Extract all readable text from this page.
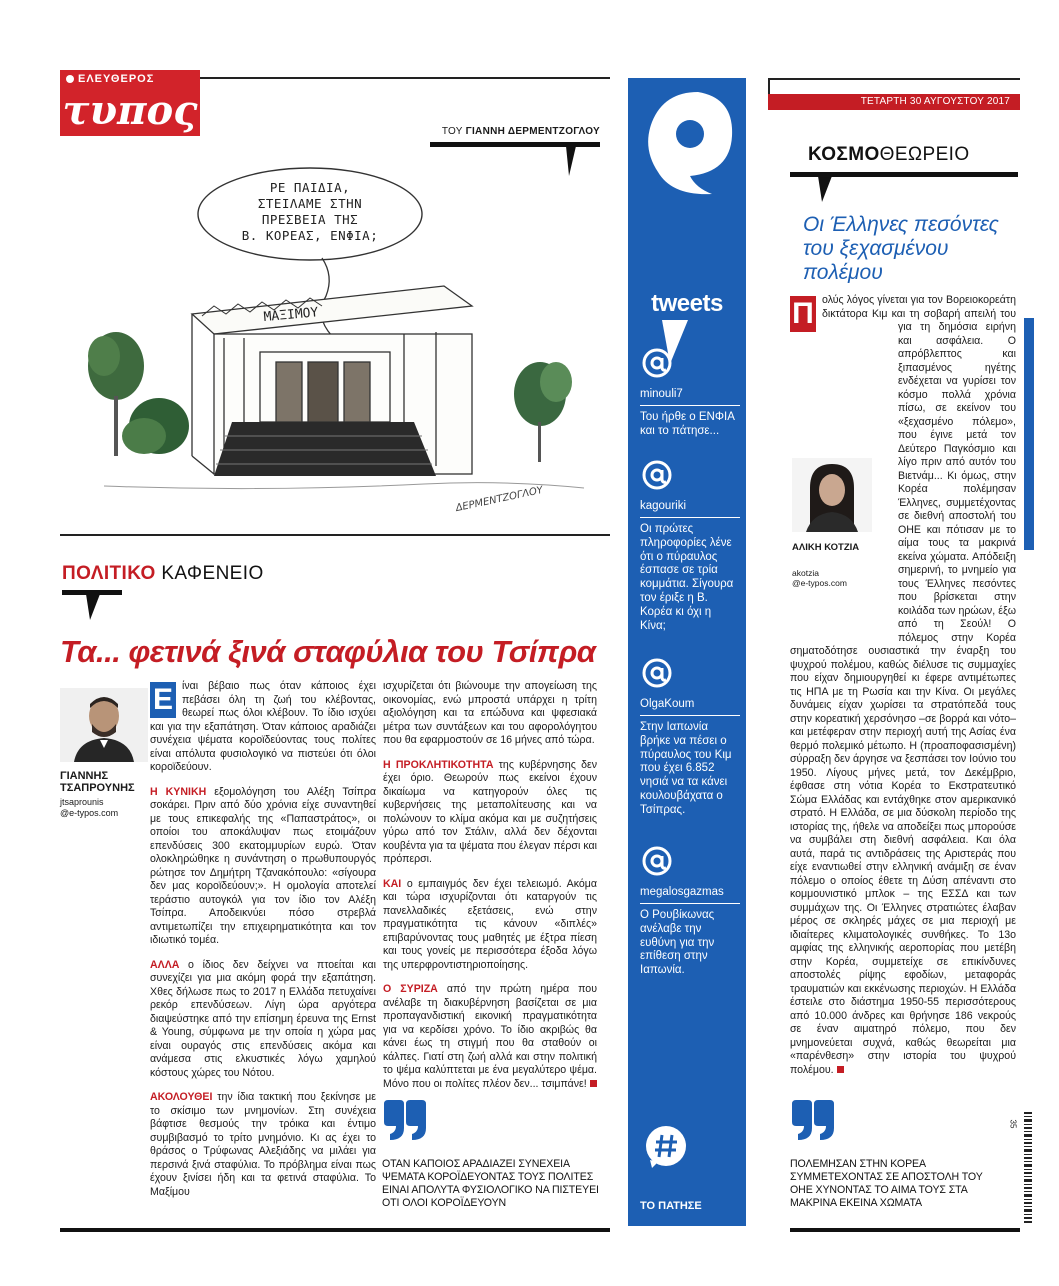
ΕΛΕΥΘΕΡΟΣ
τυπος	ΤΟΥ ΓΙΑΝΝΗ ΔΕΡΜΕΝΤΖΟΓΛΟΥ
ΜΑΞΙΜΟΥ
ΡΕ ΠΑΙΔΙΑ,
ΣΤΕΙΛΑΜΕ ΣΤΗΝ
ΠΡΕΣΒΕΙΑ ΤΗΣ
Β. ΚΟΡΕΑΣ, ΕΝΦΙΑ;
ΔΕΡΜΕΝΤΖΟΓΛΟΥ
ΠΟΛΙΤΙΚΟ ΚΑΦΕΝΕΙΟ
Τα... φετινά ξινά σταφύλια του Τσίπρα
ΓΙΑΝΝΗΣ ΤΣΑΠΡΟΥΝΗΣ
jtsaprounis
@e-typos.com

Ε ίναι βέβαιο πως όταν κάποιος έχει πεβάσει όλη τη ζωή του κλέβοντας, θεωρεί πως όλοι κλέβουν. Το ίδιο ισχύει και για την εξαπάτηση. Όταν κάποιος αραδιάζει συνέχεια ψέματα κοροϊδεύοντας τους πολίτες είναι απόλυτα φυσιολογικό να πιστεύει ότι όλοι κοροϊδεύουν.

Η ΚΥΝΙΚΗ εξομολόγηση του Αλέξη Τσίπρα σοκάρει. Πριν από δύο χρόνια είχε συναντηθεί με τους επικεφαλής της «Παπαστράτος», οι οποίοι του αποκάλυψαν πως ετοιμάζουν επενδύσεις 300 εκατομμυρίων ευρώ. Όταν ολοκληρώθηκε η συνάντηση ο πρωθυπουργός ρώτησε τον Δημήτρη Τζανακόπουλο: «σίγουρα δεν μας κοροϊδεύουν;». Η ομολογία αποτελεί τεράστιο αυτογκόλ για τον ίδιο τον Αλέξη Τσίπρα. Αποδεικνύει πόσο στρεβλά αντιμετωπίζει την επιχειρηματικότητα και τον ιδιωτικό τομέα.

ΑΛΛΑ ο ίδιος δεν δείχνει να πτοείται και συνεχίζει για μια ακόμη φορά την εξαπάτηση. Χθες δήλωσε πως το 2017 η Ελλάδα πετυχαίνει ρεκόρ επενδύσεων. Λίγη ώρα αργότερα διαψεύστηκε από την επίσημη έρευνα της Ernst & Young, σύμφωνα με την οποία η χώρα μας είναι ουραγός στις επενδύσεις ακόμα και ανάμεσα στις ελκυστικές λόγω χαμηλού κόστους χώρες του Νότου.

ΑΚΟΛΟΥΘΕΙ την ίδια τακτική που ξεκίνησε με το σκίσιμο των μνημονίων. Στη συνέχεια βάφτισε θεσμούς την τρόικα και έντιμο συμβιβασμό το τρίτο μνημόνιο. Κι ας έχει το θράσος ο Τρύφωνας Αλεξιάδης να μιλάει για περσινά ξινά σταφύλια. Το πρόβλημα είναι πως έχουν ξινίσει ήδη και τα φετινά σταφύλια. Το Μαξίμου

ισχυρίζεται ότι βιώνουμε την απογείωση της οικονομίας, ενώ μπροστά υπάρχει η τρίτη αξιολόγηση και τα επώδυνα και ψφεσιακά μέτρα των συντάξεων και του αφορολόγητου που θα εφαρμοστούν σε 16 μήνες από τώρα.

Η ΠΡΟΚΛΗΤΙΚΟΤΗΤΑ της κυβέρνησης δεν έχει όριο. Θεωρούν πως εκείνοι έχουν δικαίωμα να κατηγορούν όλες τις κυβερνήσεις της μεταπολίτευσης και να πολώνουν το κλίμα ακόμα και με συζητήσεις γύρω από τον Στάλιν, αλλά δεν δέχονται κουβέντα για τα ψέματα που έλεγαν πέρσι και πρόπερσι.

ΚΑΙ ο εμπαιγμός δεν έχει τελειωμό. Ακόμα και τώρα ισχυρίζονται ότι καταργούν τις πανελλαδικές εξετάσεις, ενώ στην πραγματικότητα τις κάνουν «διπλές» επιβαρύνοντας τους μαθητές με έξτρα πίεση και τους γονείς με περισσότερα έξοδα λόγω της υπερφροντιστηριοποίησης.

Ο ΣΥΡΙΖΑ από την πρώτη ημέρα που ανέλαβε τη διακυβέρνηση βασίζεται σε μια προπαγανδιστική εικονική πραγματικότητα για να κερδίσει χρόνο. Το ίδιο ακριβώς θα κάνει έως τη στιγμή που θα σταθούν οι κάλπες. Γιατί στη ζωή αλλά και στην πολιτική το ψέμα καλύπτεται με ένα μεγαλύτερο ψέμα. Μόνο που οι πολίτες πλέον δεν... τσιμπάνε!

ΟΤΑΝ ΚΑΠΟΙΟΣ ΑΡΑΔΙΑΖΕΙ ΣΥΝΕΧΕΙΑ ΨΕΜΑΤΑ ΚΟΡΟΪΔΕΥΟΝΤΑΣ ΤΟΥΣ ΠΟΛΙΤΕΣ ΕΙΝΑΙ ΑΠΟΛΥΤΑ ΦΥΣΙΟΛΟΓΙΚΟ ΝΑ ΠΙΣΤΕΥΕΙ ΟΤΙ ΟΛΟΙ ΚΟΡΟΪΔΕΥΟΥΝ
tweets
minouli7
Του ήρθε ο ΕΝΦΙΑ και το πάτησε...
kagouriki
Οι πρώτες πληροφορίες λένε ότι ο πύραυλος έσπασε σε τρία κομμάτια. Σίγουρα τον έριξε η Β. Κορέα κι όχι η Κίνα;
OlgaKoum
Στην Ιαπωνία βρήκε να πέσει ο πύραυλος του Κιμ που έχει 6.852 νησιά να τα κάνει κουλουβάχατα ο Τσίπρας.
megalosgazmas
Ο Ρουβίκωνας ανέλαβε την ευθύνη για την επίθεση στην Ιαπωνία.
ΤΟ ΠΑΤΗΣΕ
ΤΕΤΑΡΤΗ 30 ΑΥΓΟΥΣΤΟΥ 2017
ΚΟΣΜΟΘΕΩΡΕΙΟ
Οι Έλληνες πεσόντες του ξεχασμένου πολέμου

Π ολύς λόγος γίνεται για τον Βορειοκορεάτη δικτάτορα Κιμ και τη σοβαρή απειλή του για τη δημόσια ειρήνη και ασφάλεια. Ο απρόβλεπτος και ξιπασμένος ηγέτης ενδέχεται να γυρίσει τον κόσμο πολλά χρόνια πίσω, σε εκείνον του «ξεχασμένο πόλεμο», που έγινε μετά τον Δεύτερο Παγκόσμιο και λίγο πριν από αυτόν του Βιετνάμ... Κι όμως, στην Κορέα πολέμησαν Έλληνες, συμμετέχοντας σε διεθνή αποστολή του ΟΗΕ και πότισαν με το αίμα τους τα μακρινά εκείνα χώματα. Απόδειξη σημερινή, το μνημείο για τους Έλληνες πεσόντες που βρίσκεται στην κοιλάδα των ηρώων, έξω από τη Σεούλ! Ο πόλεμος στην Κορέα σηματοδότησε ουσιαστικά την έναρξη του ψυχρού πολέμου, καθώς διέλυσε τις συμμαχίες που είχαν δημιουργηθεί κι έφερε αντιμέτωπες τις ΗΠΑ με τη Ρωσία και την Κίνα. Οι μεγάλες δυνάμεις είχαν χωρίσει τα στρατόπεδά τους στην κορεατική χερσόνησο –σε βορρά και νότο– και μετέφεραν στην περιοχή αυτή της Ασίας ένα θερμό πολεμικό μέτωπο. Η (προαποφασισμένη) σύρραξη δεν άργησε να ξεσπάσει τον Ιούνιο του 1950. Λίγους μήνες μετά, τον Δεκέμβριο, έφθασε στη νότια Κορέα το Εκστρατευτικό Σώμα Ελλάδας και εντάχθηκε στον αμερικανικό στρατό. Η Ελλάδα, σε μια δύσκολη περίοδο της ιστορίας της, ήθελε να αποδείξει πως μπορούσε να συμβάλει στη διεθνή ασφάλεια. Και όλα αυτά, παρά τις αντιδράσεις της Αριστεράς που είχε εναντιωθεί στην ελληνική ανάμιξη σε έναν πόλεμο ο οποίος έθετε τη Δύση απέναντι στο κομμουνιστικό μπλοκ – της ΕΣΣΔ και των συμμάχων της. Οι Έλληνες στρατιώτες έλαβαν μέρος σε σκληρές μάχες σε μια περιοχή με ιδιαίτερες κλιματολογικές συνθήκες. Το 13ο αμφίας της ελληνικής αεροπορίας που μετέβη στην Κορέα, συμμετείχε σε επικίνδυνες αποστολές ρίψης εφοδίων, μεταφοράς τραυματιών και εκκένωσης περιοχών. Η Ελλάδα έστειλε στο διάστημα 1950-55 περισσότερους από 10.000 άνδρες και θρήνησε 186 νεκρούς σε έναν αιματηρό πόλεμο, που δεν μνημονεύεται συχνά, καθώς θεωρείται μια «παρένθεση» στην ιστορία του ψυχρού πολέμου.

ΑΛΙΚΗ ΚΟΤΖΙΑ
akotzia
@e-typos.com
ΠΟΛΕΜΗΣΑΝ ΣΤΗΝ ΚΟΡΕΑ ΣΥΜΜΕΤΕΧΟΝΤΑΣ ΣΕ ΑΠΟΣΤΟΛΗ ΤΟΥ ΟΗΕ ΧΥΝΟΝΤΑΣ ΤΟ ΑΙΜΑ ΤΟΥΣ ΣΤΑ ΜΑΚΡΙΝΑ ΕΚΕΙΝΑ ΧΩΜΑΤΑ
35
